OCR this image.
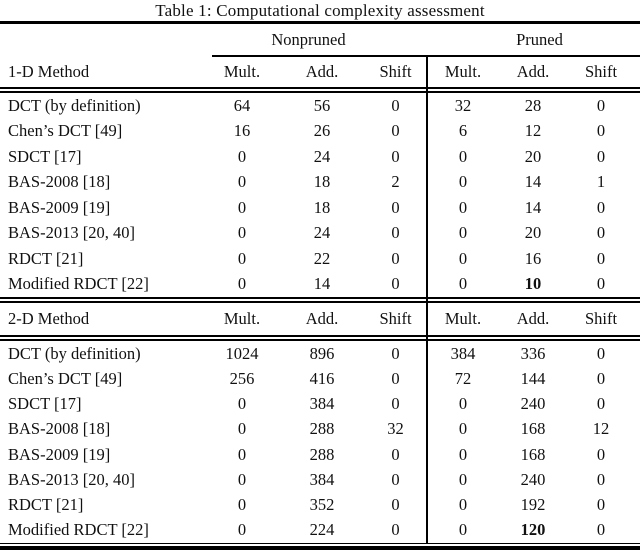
Table 1: Computational complexity assessment
Nonpruned	Pruned
1-D Method	Mult.	Add.	Shift	Mult.	Add.	Shift
DCT (by definition)	64	56	0	32	28	0
Chen’s DCT [49]	16	26	0	6	12	0
SDCT [17]	0	24	0	0	20	0
BAS-2008 [18]	0	18	2	0	14	1
BAS-2009 [19]	0	18	0	0	14	0
BAS-2013 [20, 40]	0	24	0	0	20	0
RDCT [21]	0	22	0	0	16	0
Modified RDCT [22]	0	14	0	0	10	0
2-D Method	Mult.	Add.	Shift	Mult.	Add.	Shift
DCT (by definition)	1024	896	0	384	336	0
Chen’s DCT [49]	256	416	0	72	144	0
SDCT [17]	0	384	0	0	240	0
BAS-2008 [18]	0	288	32	0	168	12
BAS-2009 [19]	0	288	0	0	168	0
BAS-2013 [20, 40]	0	384	0	0	240	0
RDCT [21]	0	352	0	0	192	0
Modified RDCT [22]	0	224	0	0	120	0
